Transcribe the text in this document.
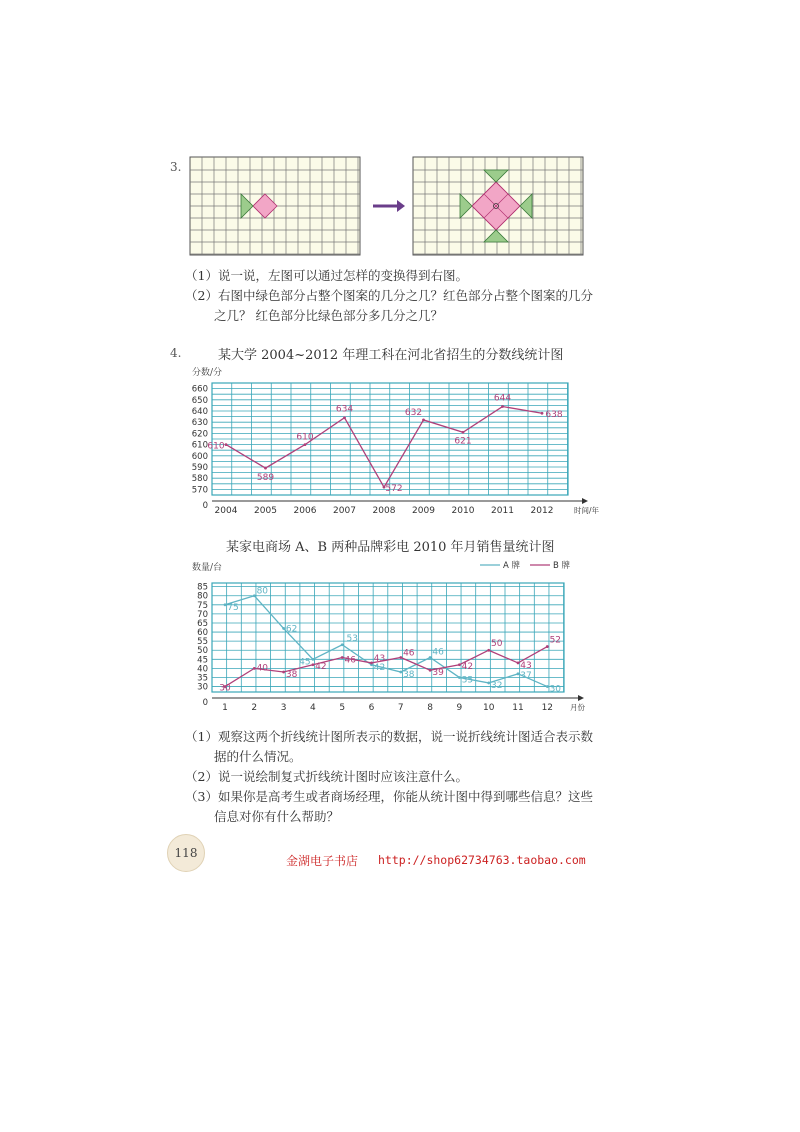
3.
（1）说一说，左图可以通过怎样的变换得到右图。
（2）右图中绿色部分占整个图案的几分之几？红色部分占整个图案的几分
之几？ 红色部分比绿色部分多几分之几？
4.	某大学 2004~2012 年理工科在河北省招生的分数线统计图
分数/分
570
580
590
600
610
620
630
640
650
660
0 2004 2005 2006 2007 2008 2009 2010 2011 2012	时间/年
610
589
610
634
572
632
621
644
638
某家电商场 A、B 两种品牌彩电 2010 年月销售量统计图
数量/台
30
35
40
45
50
55
60
65
70
75
80
85
0 1	2	3	4	5	6	7	8	9 10 11 12 月份
75
80
62
45
53
42
38
46
35
32
37
30
30
40
38
42
46 43
46
39
42
50
43
52
A 牌	B 牌
（1）观察这两个折线统计图所表示的数据，说一说折线统计图适合表示数
据的什么情况。
（2）说一说绘制复式折线统计图时应该注意什么。
（3）如果你是高考生或者商场经理，你能从统计图中得到哪些信息？这些
信息对你有什么帮助？
118
金湖电子书店 http://shop62734763.taobao.com
